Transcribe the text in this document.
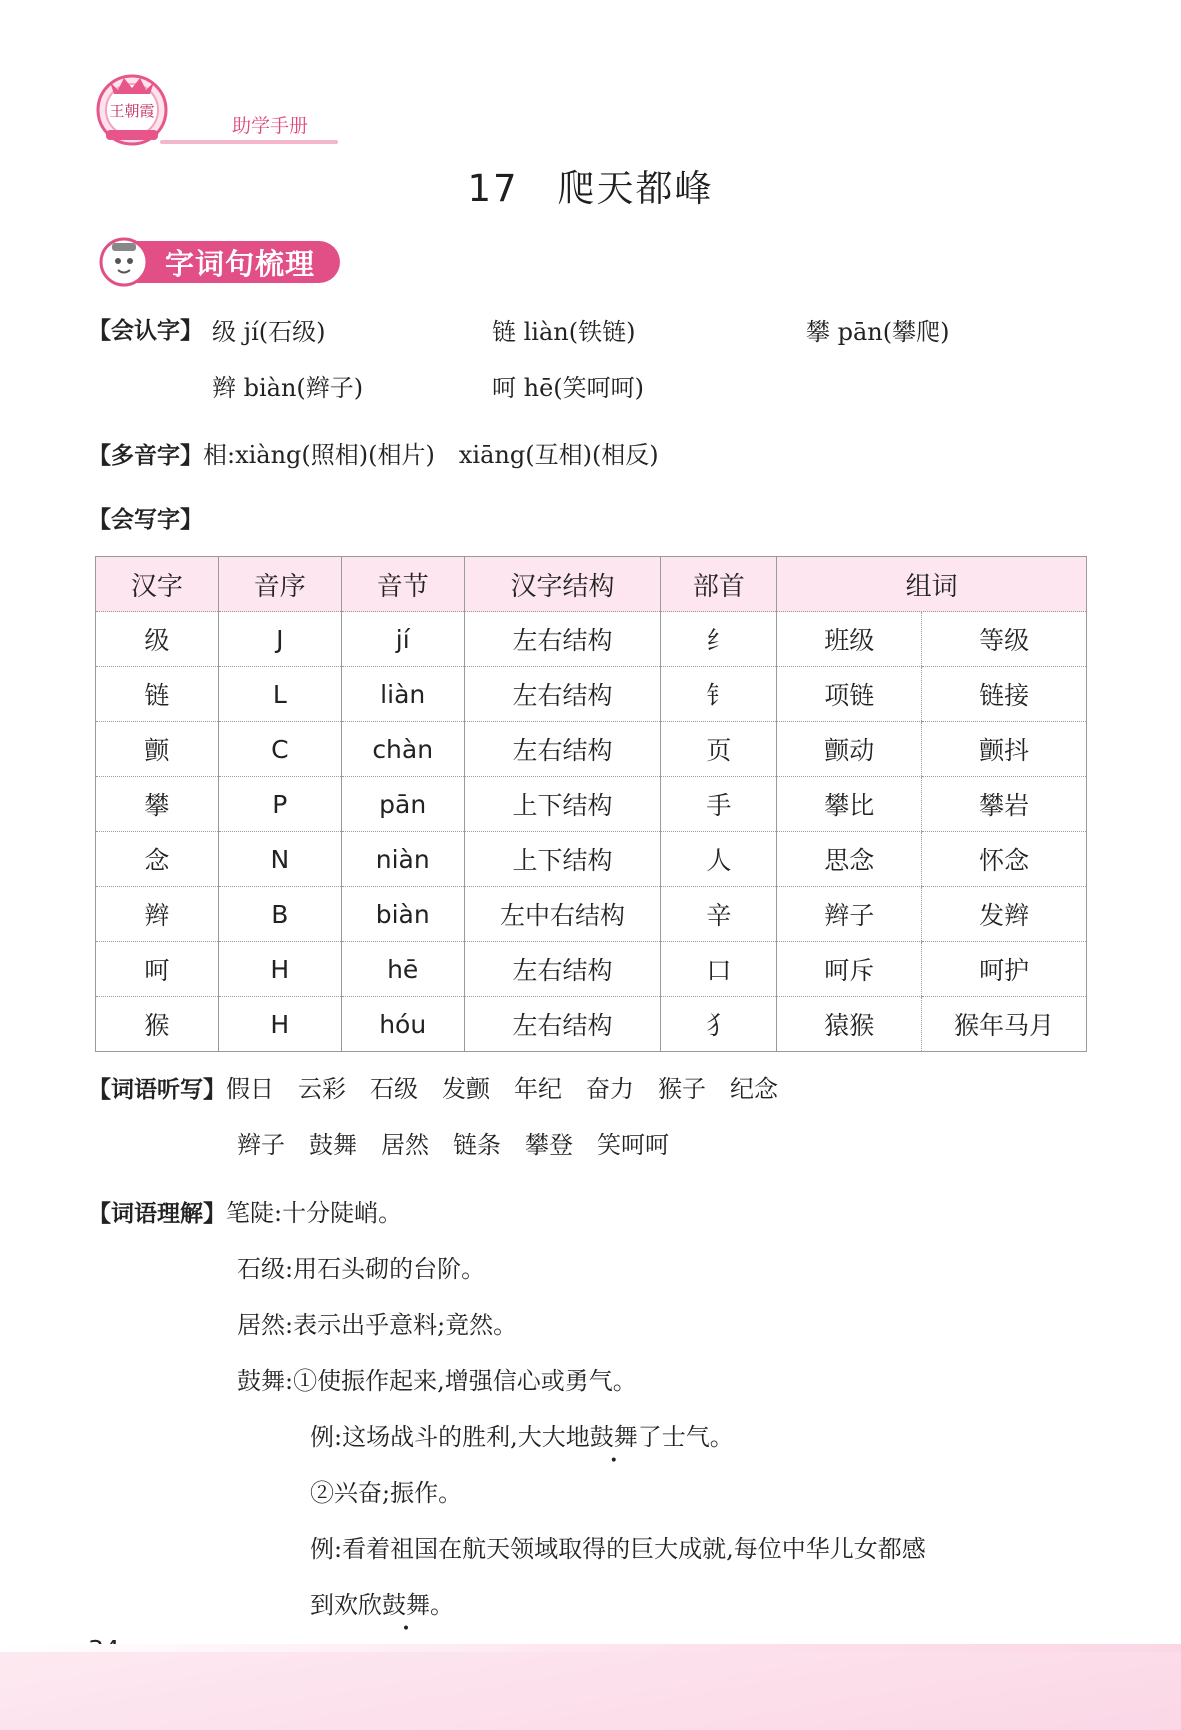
王朝霞
助学手册
17　爬天都峰
字词句梳理
【会认字】 级 jí(石级)	链 liàn(铁链)	攀 pān(攀爬)
辫 biàn(辫子)	呵 hē(笑呵呵)
【多音字】相:xiàng(照相)(相片)　xiāng(互相)(相反)
【会写字】
汉字	音序	音节	汉字结构	部首	组词	
级	J	jí	左右结构	纟	班级	等级
链	L	liàn	左右结构	钅	项链	链接
颤	C	chàn	左右结构	页	颤动	颤抖
攀	P	pān	上下结构	手	攀比	攀岩
念	N	niàn	上下结构	人	思念	怀念
辫	B	biàn	左中右结构	辛	辫子	发辫
呵	H	hē	左右结构	口	呵斥	呵护
猴	H	hóu	左右结构	犭	猿猴	猴年马月
【词语听写】假日　云彩　石级　发颤　年纪　奋力　猴子　纪念
辫子　鼓舞　居然　链条　攀登　笑呵呵
【词语理解】笔陡:十分陡峭。
石级:用石头砌的台阶。
居然:表示出乎意料;竟然。
鼓舞:①使振作起来,增强信心或勇气。
例:这场战斗的胜利,大大地鼓舞了士气。
②兴奋;振作。
例:看着祖国在航天领域取得的巨大成就,每位中华儿女都感
到欢欣鼓舞。
